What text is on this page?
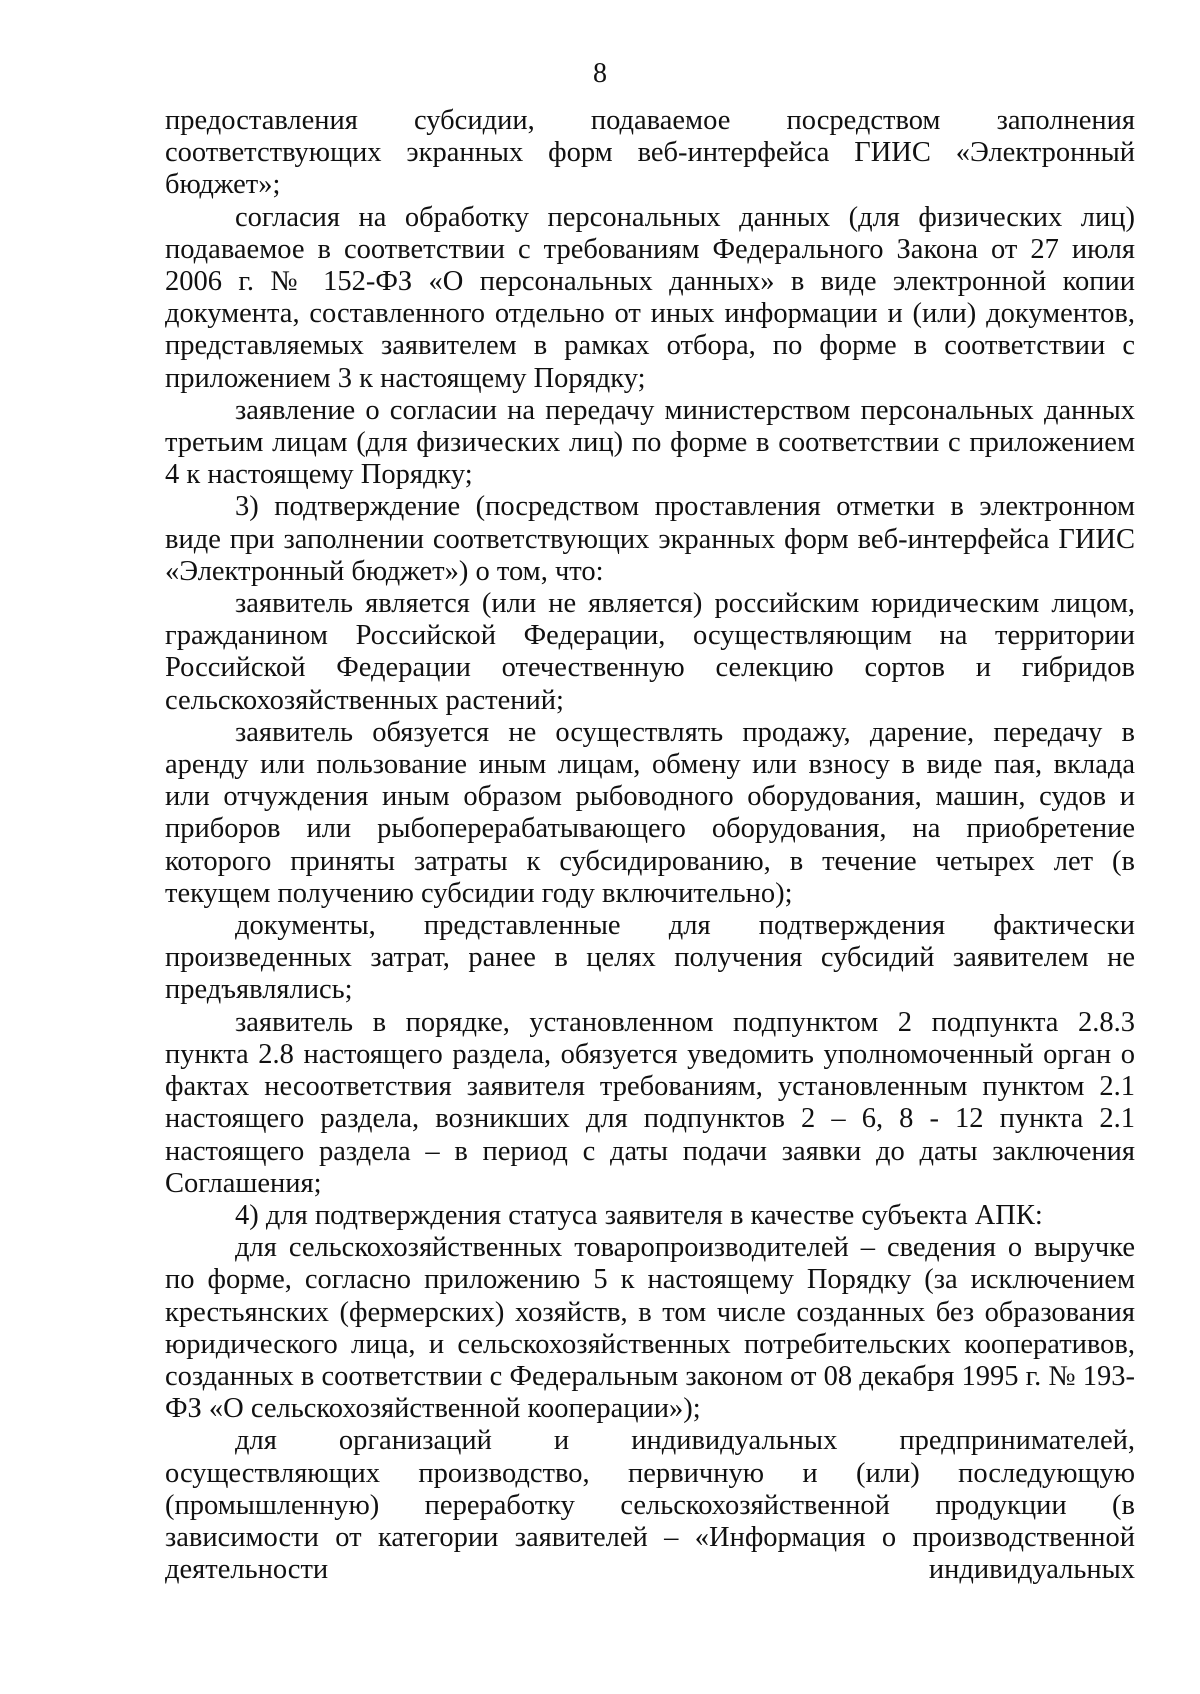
8

предоставления субсидии, подаваемое посредством заполнения соответствующих экранных форм веб-интерфейса ГИИС «Электронный бюджет»;

согласия на обработку персональных данных (для физических лиц) подаваемое в соответствии с требованиям Федерального Закона от 27 июля 2006 г. № 152-ФЗ «О персональных данных» в виде электронной копии документа, составленного отдельно от иных информации и (или) документов, представляемых заявителем в рамках отбора, по форме в соответствии с приложением 3 к настоящему Порядку;

заявление о согласии на передачу министерством персональных данных третьим лицам (для физических лиц) по форме в соответствии с приложением 4 к настоящему Порядку;

3) подтверждение (посредством проставления отметки в электронном виде при заполнении соответствующих экранных форм веб-интерфейса ГИИС «Электронный бюджет») о том, что:

заявитель является (или не является) российским юридическим лицом, гражданином Российской Федерации, осуществляющим на территории Российской Федерации отечественную селекцию сортов и гибридов сельскохозяйственных растений;

заявитель обязуется не осуществлять продажу, дарение, передачу в аренду или пользование иным лицам, обмену или взносу в виде пая, вклада или отчуждения иным образом рыбоводного оборудования, машин, судов и приборов или рыбоперерабатывающего оборудования, на приобретение которого приняты затраты к субсидированию, в течение четырех лет (в текущем получению субсидии году включительно);

документы, представленные для подтверждения фактически произведенных затрат, ранее в целях получения субсидий заявителем не предъявлялись;

заявитель в порядке, установленном подпунктом 2 подпункта 2.8.3 пункта 2.8 настоящего раздела, обязуется уведомить уполномоченный орган о фактах несоответствия заявителя требованиям, установленным пунктом 2.1 настоящего раздела, возникших для подпунктов 2 – 6, 8 - 12 пункта 2.1 настоящего раздела – в период с даты подачи заявки до даты заключения Соглашения;

4) для подтверждения статуса заявителя в качестве субъекта АПК:

для сельскохозяйственных товаропроизводителей – сведения о выручке по форме, согласно приложению 5 к настоящему Порядку (за исключением крестьянских (фермерских) хозяйств, в том числе созданных без образования юридического лица, и сельскохозяйственных потребительских кооперативов, созданных в соответствии с Федеральным законом от 08 декабря 1995 г. № 193-ФЗ «О сельскохозяйственной кооперации»);

для организаций и индивидуальных предпринимателей, осуществляющих производство, первичную и (или) последующую (промышленную) переработку сельскохозяйственной продукции (в зависимости от категории заявителей – «Информация о производственной деятельности индивидуальных
